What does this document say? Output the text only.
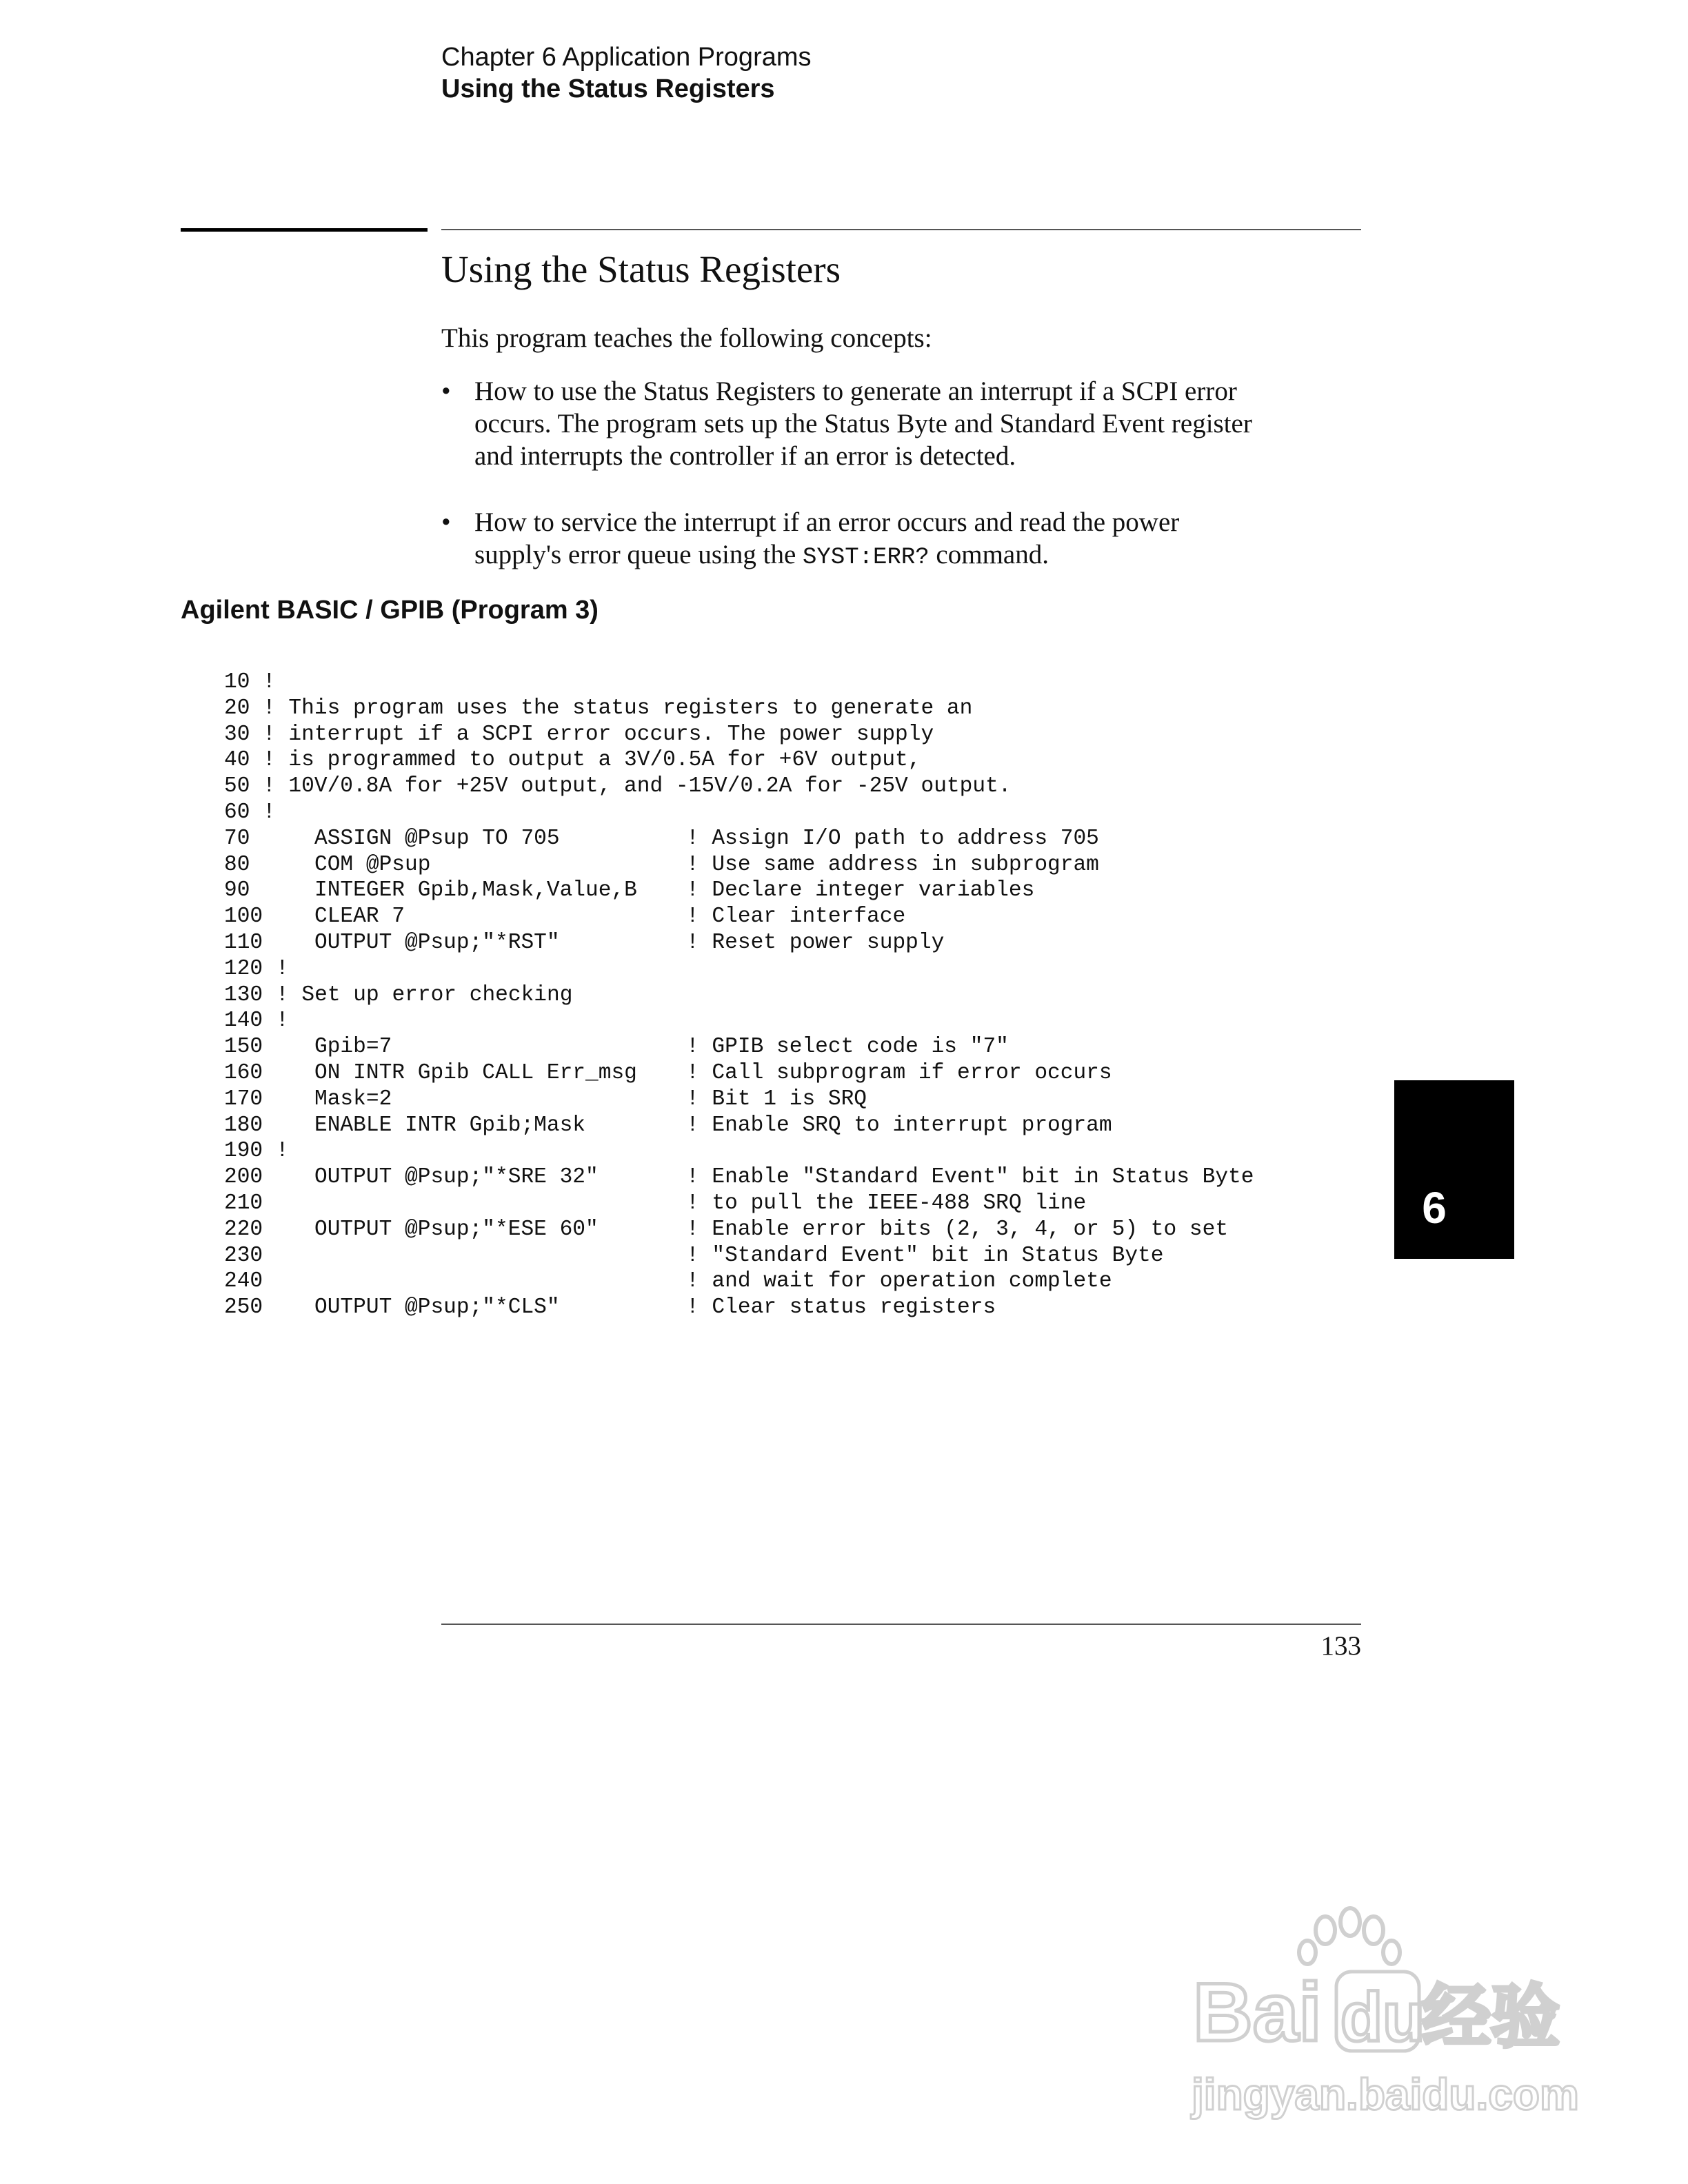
Chapter 6 Application Programs
Using the Status Registers
Using the Status Registers
This program teaches the following concepts:
• How to use the Status Registers to generate an interrupt if a SCPI error
occurs. The program sets up the Status Byte and Standard Event register
and interrupts the controller if an error is detected.
• How to service the interrupt if an error occurs and read the power
supply's error queue using the SYST:ERR? command.
Agilent BASIC / GPIB (Program 3)
10 !
20 ! This program uses the status registers to generate an
30 ! interrupt if a SCPI error occurs. The power supply
40 ! is programmed to output a 3V/0.5A for +6V output,
50 ! 10V/0.8A for +25V output, and -15V/0.2A for -25V output.
60 !
70	ASSIGN @Psup TO 705	! Assign I/O path to address 705
80	COM @Psup	! Use same address in subprogram
90	INTEGER Gpib,Mask,Value,B ! Declare integer variables
100 CLEAR 7	! Clear interface
110 OUTPUT @Psup;"*RST"	! Reset power supply
120 !
130 ! Set up error checking
140 !
150 Gpib=7	! GPIB select code is "7"
160 ON INTR Gpib CALL Err_msg ! Call subprogram if error occurs
170 Mask=2	! Bit 1 is SRQ
180 ENABLE INTR Gpib;Mask	! Enable SRQ to interrupt program
190 !
200 OUTPUT @Psup;"*SRE 32"	! Enable "Standard Event" bit in Status Byte
210	! to pull the IEEE-488 SRQ line
220 OUTPUT @Psup;"*ESE 60"	! Enable error bits (2, 3, 4, or 5) to set
230	! "Standard Event" bit in Status Byte
240	! and wait for operation complete
250 OUTPUT @Psup;"*CLS"	! Clear status registers
6
133
Bai du
经验
jingyan.baidu.com
